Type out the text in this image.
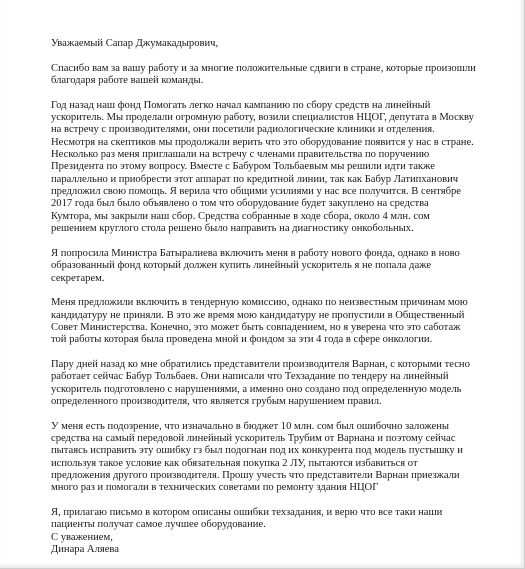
Уважаемый Сапар Джумакадырович,

Спасибо вам за вашу работу и за многие положительные сдвиги в стране, которые произошли
благодаря работе вашей команды.

Год назад наш фонд Помогать легко начал кампанию по сбору средств на линейный
ускоритель. Мы проделали огромную работу, возили специалистов НЦОГ, депутата в Москву
на встречу с производителями, они посетили радиологические клиники и отделения.
Несмотря на скептиков мы продолжали верить что это оборудование появится у нас в стране.
Несколько раз меня приглашали на встречу с членами правительства по поручению
Президента по этому вопросу. Вместе с Бабуром Тольбаевым мы решили идти также
параллельно и приобрести этот аппарат по кредитной линии, так как Бабур Латипханович
предложил свою помощь. Я верила что общими усилиями у нас все получится. В сентябре
2017 года был было объявлено о том что оборудование будет закуплено на средства
Кумтора, мы закрыли наш сбор. Средства собранные в ходе сбора, около 4 млн. сом
решением круглого стола решено было направить на диагностику онкобольных.

Я попросила Министра Батыралиева включить меня в работу нового фонда, однако в ново
образованный фонд который должен купить линейный ускоритель я не попала даже
секретарем.

Меня предложили включить в тендерную комиссию, однако по неизвестным причинам мою
кандидатуру не приняли. В это же время мою кандидатуру не пропустили в Общественный
Совет Министерства. Конечно, это может быть совпадением, но я уверена что это саботаж
той работы которая была проведена мной и фондом за эти 4 года в сфере онкологии.

Пару дней назад ко мне обратились представители производителя Варнан, с которыми тесно
работает сейчас Бабур Тольбаев. Они написали что Техзадание по тендеру на линейный
ускоритель подготовлено с нарушениями, а именно оно создано под определенную модель
определенного производителя, что является грубым нарушением правил.

У меня есть подозрение, что изначально в бюджет 10 млн. сом был ошибочно заложены
средства на самый передовой линейный ускоритель Трубим от Варнана и поэтому сейчас
пытаясь исправить эту ошибку гз был подогнан под их конкурента под модель пустышку и
используя такое условие как обязательная покупка 2 ЛУ, пытаются избавиться от
предложения другого производителя. Прошу учесть что представители Варнан приезжали
много раз и помогали в технических советами по ремонту здания НЦОГ

Я, прилагаю письмо в котором описаны ошибки техзадания, и верю что все таки наши
пациенты получат самое лучшее оборудование.

С уважением,
Динара Аляева
